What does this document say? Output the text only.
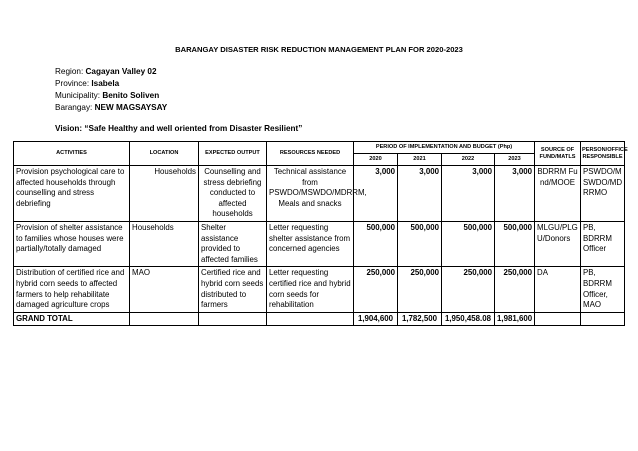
BARANGAY DISASTER RISK REDUCTION MANAGEMENT PLAN FOR 2020-2023
Region: Cagayan Valley 02
Province: Isabela
Municipality: Benito Soliven
Barangay: NEW MAGSAYSAY
Vision: “Safe Healthy and well oriented from Disaster Resilient”
ACTIVITIES	LOCATION	EXPECTED OUTPUT	RESOURCES NEEDED	PERIOD OF IMPLEMENTATION AND BUDGET (Php)				SOURCE OF FUND/MATLS	PERSON/OFFICE RESPONSIBLE
				2020	2021	2022	2023		
Provision psychological care to affected households through counselling and stress debriefing	Households	Counselling and stress debriefing conducted to affected households	Technical assistance from PSWDO/MSWDO/MDRRM, Meals and snacks	3,000	3,000	3,000	3,000	BDRRM Fund/MOOE	PSWDO/MSWDO/MDRRMO
Provision of shelter assistance to families whose houses were partially/totally damaged	Households	Shelter assistance provided to affected families	Letter requesting shelter assistance from concerned agencies	500,000	500,000	500,000	500,000	MLGU/PLGU/Donors	PB, BDRRM Officer
Distribution of certified rice and hybrid corn seeds to affected farmers to help rehabilitate damaged agriculture crops	MAO	Certified rice and hybrid corn seeds distributed to farmers	Letter requesting certified rice and hybrid corn seeds for rehabilitation	250,000	250,000	250,000	250,000	DA	PB, BDRRM Officer, MAO
GRAND TOTAL				1,904,600	1,782,500	1,950,458.08	1,981,600		
